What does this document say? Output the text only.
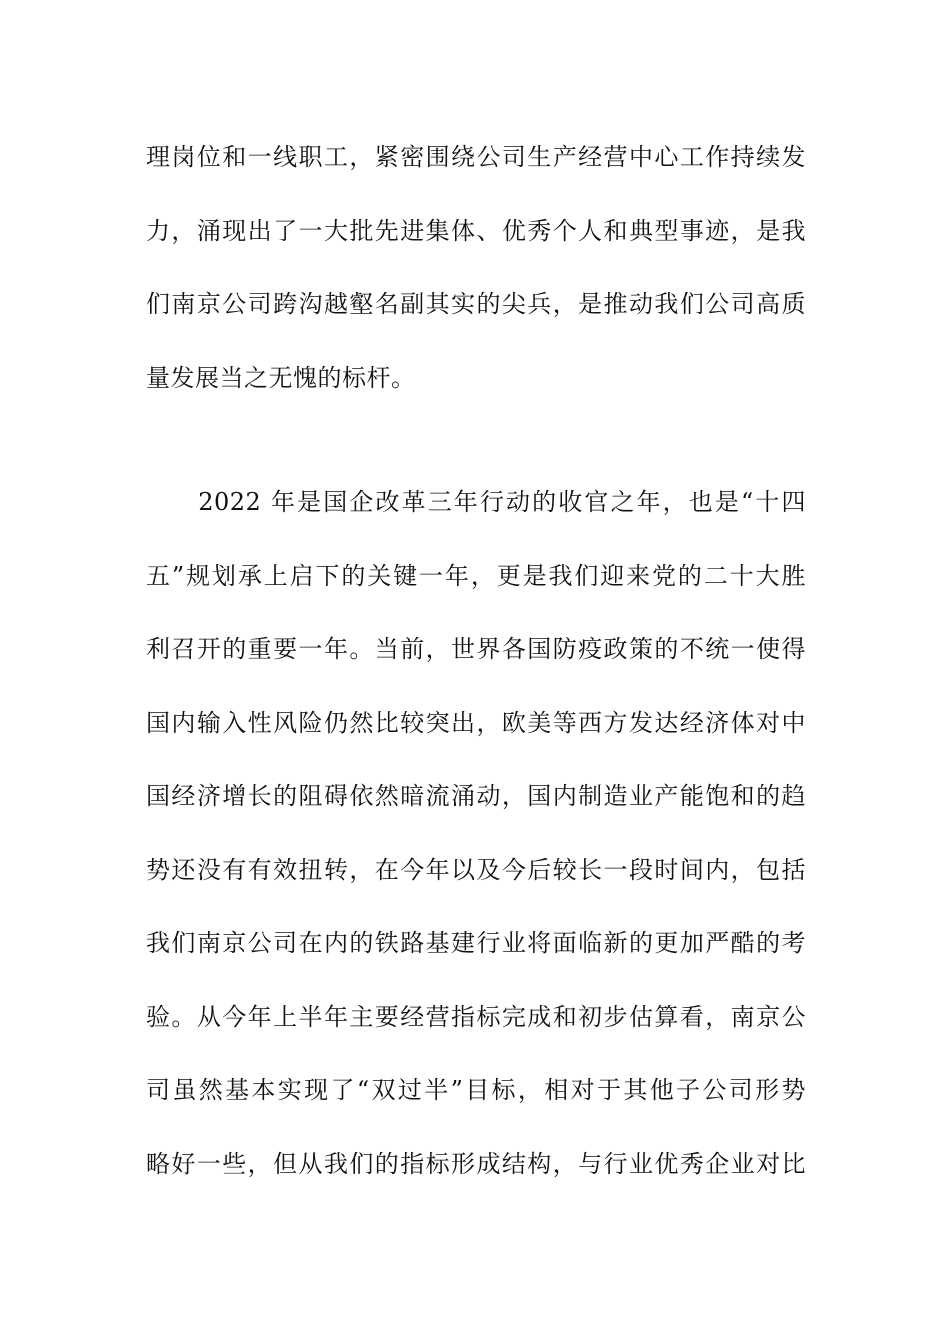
理岗位和一线职工，紧密围绕公司生产经营中心工作持续发
力，涌现出了一大批先进集体、优秀个人和典型事迹，是我
们南京公司跨沟越壑名副其实的尖兵，是推动我们公司高质
量发展当之无愧的标杆。
　　2022 年是国企改革三年行动的收官之年，也是“十四
五”规划承上启下的关键一年，更是我们迎来党的二十大胜
利召开的重要一年。当前，世界各国防疫政策的不统一使得
国内输入性风险仍然比较突出，欧美等西方发达经济体对中
国经济增长的阻碍依然暗流涌动，国内制造业产能饱和的趋
势还没有有效扭转，在今年以及今后较长一段时间内，包括
我们南京公司在内的铁路基建行业将面临新的更加严酷的考
验。从今年上半年主要经营指标完成和初步估算看，南京公
司虽然基本实现了“双过半”目标，相对于其他子公司形势
略好一些，但从我们的指标形成结构，与行业优秀企业对比
